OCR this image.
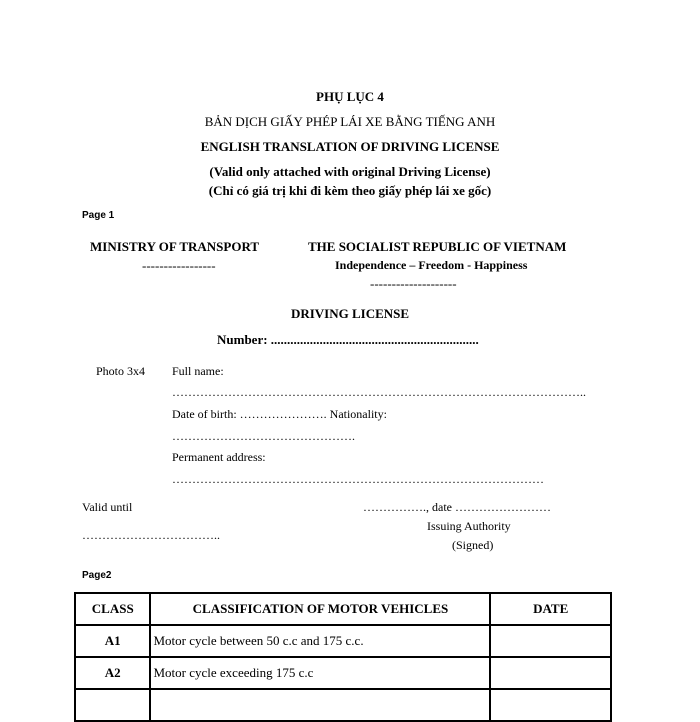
PHỤ LỤC 4
BẢN DỊCH GIẤY PHÉP LÁI XE BẰNG TIẾNG ANH
ENGLISH TRANSLATION OF DRIVING LICENSE
(Valid only attached with original Driving License)
(Chỉ có giá trị khi đi kèm theo giấy phép lái xe gốc)
Page 1
MINISTRY OF TRANSPORT
-----------------
THE SOCIALIST REPUBLIC OF VIETNAM
Independence – Freedom - Happiness
--------------------
DRIVING LICENSE
Number: ................................................................
Photo 3x4 Full name:
…………………………………………………………………………………………..
Date of birth: …………………. Nationality:
……………………………………….
Permanent address:
…………………………………………………………………………………
Valid until
……………………………..
……………., date ……………………
Issuing Authority
(Signed)
Page2
CLASS	CLASSIFICATION OF MOTOR VEHICLES	DATE
A1	Motor cycle between 50 c.c and 175 c.c.	
A2	Motor cycle exceeding 175 c.c	
